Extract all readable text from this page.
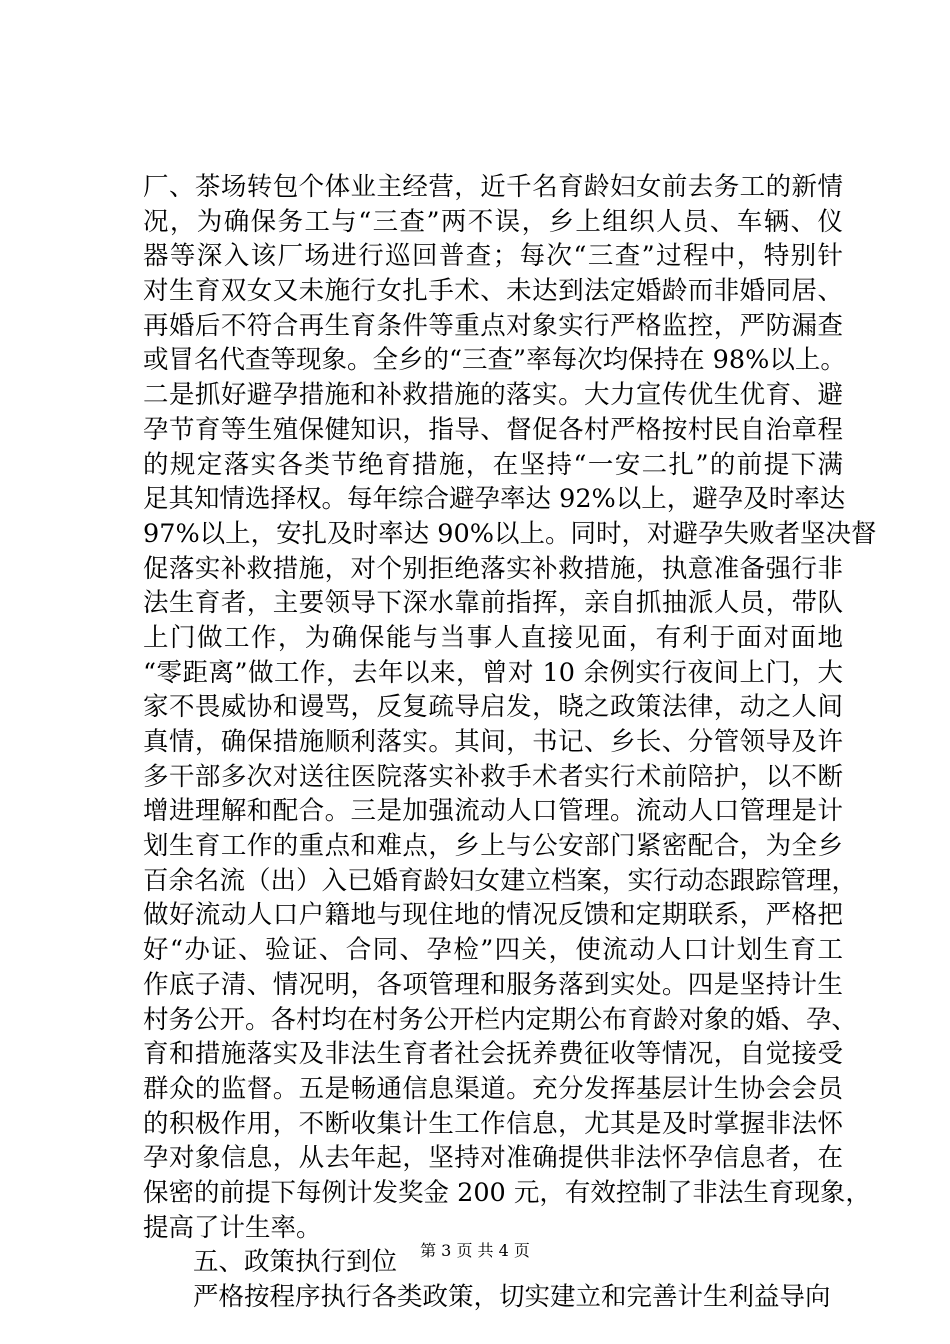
厂、茶场转包个体业主经营，近千名育龄妇女前去务工的新情
况，为确保务工与“三查”两不误，乡上组织人员、车辆、仪
器等深入该厂场进行巡回普查；每次“三查”过程中，特别针
对生育双女又未施行女扎手术、未达到法定婚龄而非婚同居、
再婚后不符合再生育条件等重点对象实行严格监控，严防漏查
或冒名代查等现象。全乡的“三查”率每次均保持在 98%以上。
二是抓好避孕措施和补救措施的落实。大力宣传优生优育、避
孕节育等生殖保健知识，指导、督促各村严格按村民自治章程
的规定落实各类节绝育措施，在坚持“一安二扎”的前提下满
足其知情选择权。每年综合避孕率达 92%以上，避孕及时率达
97%以上，安扎及时率达 90%以上。同时，对避孕失败者坚决督
促落实补救措施，对个别拒绝落实补救措施，执意准备强行非
法生育者，主要领导下深水靠前指挥，亲自抓抽派人员，带队
上门做工作，为确保能与当事人直接见面，有利于面对面地
“零距离”做工作，去年以来，曾对 10 余例实行夜间上门，大
家不畏威协和谩骂，反复疏导启发，晓之政策法律，动之人间
真情，确保措施顺利落实。其间，书记、乡长、分管领导及许
多干部多次对送往医院落实补救手术者实行术前陪护，以不断
增进理解和配合。三是加强流动人口管理。流动人口管理是计
划生育工作的重点和难点，乡上与公安部门紧密配合，为全乡
百余名流（出）入已婚育龄妇女建立档案，实行动态跟踪管理，
做好流动人口户籍地与现住地的情况反馈和定期联系，严格把
好“办证、验证、合同、孕检”四关，使流动人口计划生育工
作底子清、情况明，各项管理和服务落到实处。四是坚持计生
村务公开。各村均在村务公开栏内定期公布育龄对象的婚、孕、
育和措施落实及非法生育者社会抚养费征收等情况，自觉接受
群众的监督。五是畅通信息渠道。充分发挥基层计生协会会员
的积极作用，不断收集计生工作信息，尤其是及时掌握非法怀
孕对象信息，从去年起，坚持对准确提供非法怀孕信息者，在
保密的前提下每例计发奖金 200 元，有效控制了非法生育现象，
提高了计生率。
五、政策执行到位
严格按程序执行各类政策，切实建立和完善计生利益导向
第 3 页 共 4 页
